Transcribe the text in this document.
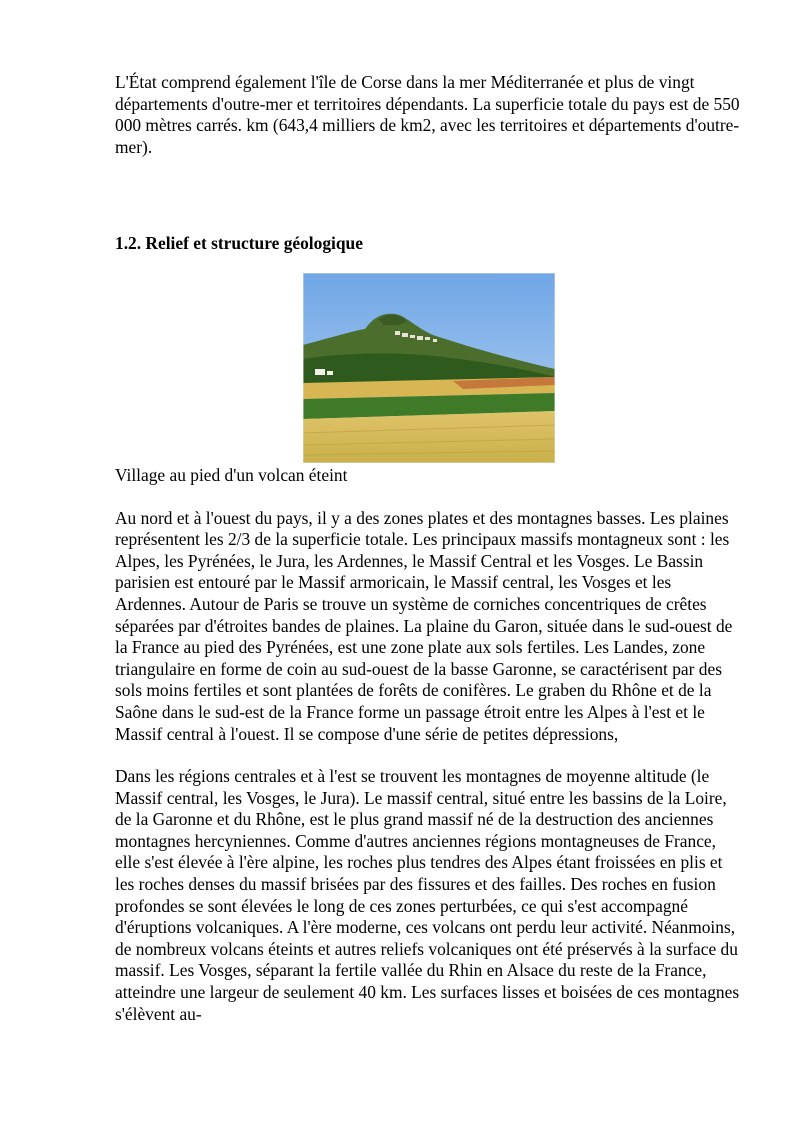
L'État comprend également l'île de Corse dans la mer Méditerranée et plus de vingt départements d'outre-mer et territoires dépendants. La superficie totale du pays est de 550 000 mètres carrés. km (643,4 milliers de km2, avec les territoires et départements d'outre-mer).

1.2. Relief et structure géologique

Village au pied d'un volcan éteint

Au nord et à l'ouest du pays, il y a des zones plates et des montagnes basses. Les plaines représentent les 2/3 de la superficie totale. Les principaux massifs montagneux sont : les Alpes, les Pyrénées, le Jura, les Ardennes, le Massif Central et les Vosges. Le Bassin parisien est entouré par le Massif armoricain, le Massif central, les Vosges et les Ardennes. Autour de Paris se trouve un système de corniches concentriques de crêtes séparées par d'étroites bandes de plaines. La plaine du Garon, située dans le sud-ouest de la France au pied des Pyrénées, est une zone plate aux sols fertiles. Les Landes, zone triangulaire en forme de coin au sud-ouest de la basse Garonne, se caractérisent par des sols moins fertiles et sont plantées de forêts de conifères. Le graben du Rhône et de la Saône dans le sud-est de la France forme un passage étroit entre les Alpes à l'est et le Massif central à l'ouest. Il se compose d'une série de petites dépressions,

Dans les régions centrales et à l'est se trouvent les montagnes de moyenne altitude (le Massif central, les Vosges, le Jura). Le massif central, situé entre les bassins de la Loire, de la Garonne et du Rhône, est le plus grand massif né de la destruction des anciennes montagnes hercyniennes. Comme d'autres anciennes régions montagneuses de France, elle s'est élevée à l'ère alpine, les roches plus tendres des Alpes étant froissées en plis et les roches denses du massif brisées par des fissures et des failles. Des roches en fusion profondes se sont élevées le long de ces zones perturbées, ce qui s'est accompagné d'éruptions volcaniques. A l'ère moderne, ces volcans ont perdu leur activité. Néanmoins, de nombreux volcans éteints et autres reliefs volcaniques ont été préservés à la surface du massif. Les Vosges, séparant la fertile vallée du Rhin en Alsace du reste de la France, atteindre une largeur de seulement 40 km. Les surfaces lisses et boisées de ces montagnes s'élèvent au-
